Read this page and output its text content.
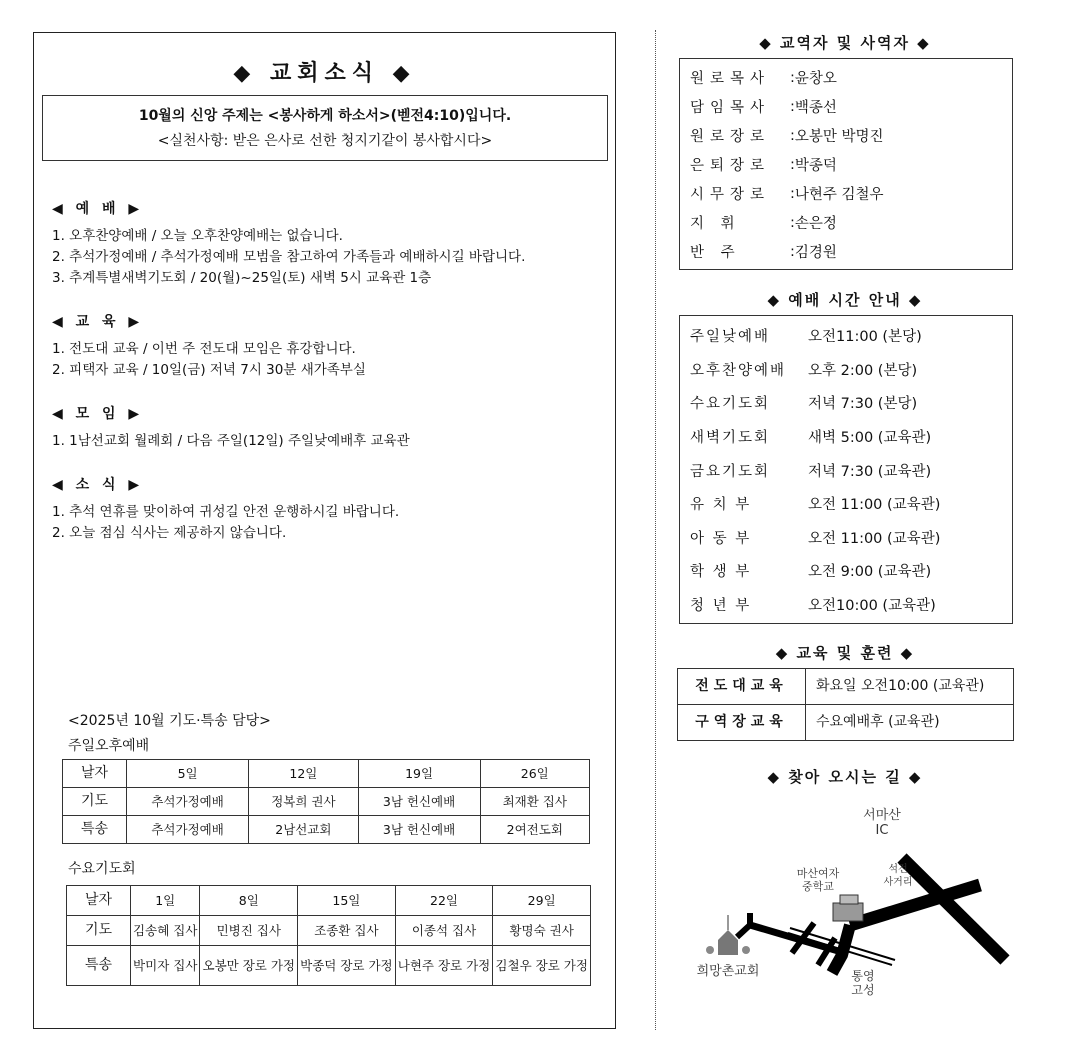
◆ 교회소식 ◆
10월의 신앙 주제는 <봉사하게 하소서>(벧전4:10)입니다.
<실천사항: 받은 은사로 선한 청지기같이 봉사합시다>
◀ 예 배 ▶
1. 오후찬양예배 / 오늘 오후찬양예배는 없습니다.
2. 추석가정예배 / 추석가정예배 모범을 참고하여 가족들과 예배하시길 바랍니다.
3. 추계특별새벽기도회 / 20(월)~25일(토) 새벽 5시 교육관 1층
◀ 교 육 ▶
1. 전도대 교육 / 이번 주 전도대 모임은 휴강합니다.
2. 피택자 교육 / 10일(금) 저녁 7시 30분 새가족부실
◀ 모 임 ▶
1. 1남선교회 월례회 / 다음 주일(12일) 주일낮예배후 교육관
◀ 소 식 ▶
1. 추석 연휴를 맞이하여 귀성길 안전 운행하시길 바랍니다.
2. 오늘 점심 식사는 제공하지 않습니다.
<2025년 10월 기도·특송 담당>
주일오후예배
날자	5일	12일	19일	26일
기도	추석가정예배	정복희 권사	3남 헌신예배	최재환 집사
특송	추석가정예배	2남선교회	3남 헌신예배	2여전도회
수요기도회
날자	1일	8일	15일	22일	29일
기도	김송혜 집사	민병진 집사	조종환 집사	이종석 집사	황명숙 권사
특송	박미자 집사	오봉만 장로 가정	박종덕 장로 가정	나현주 장로 가정	김철우 장로 가정
◆ 교역자 및 사역자 ◆
원로목사	: 윤창오
담임목사	: 백종선
원로장로	: 오봉만 박명진
은퇴장로	: 박종덕
시무장로	: 나현주 김철우
지 휘	: 손은정
반 주	: 김경원
◆ 예배 시간 안내 ◆
주일낮예배	오전11:00 (본당)
오후찬양예배	오후 2:00 (본당)
수요기도회	저녁 7:30 (본당)
새벽기도회	새벽 5:00 (교육관)
금요기도회	저녁 7:30 (교육관)
유 치 부	오전 11:00 (교육관)
아 동 부	오전 11:00 (교육관)
학 생 부	오전 9:00 (교육관)
청 년 부	오전10:00 (교육관)
◆ 교육 및 훈련 ◆
전도대교육	화요일 오전10:00 (교육관)
구역장교육	수요예배후 (교육관)
◆ 찾아 오시는 길 ◆
서마산
IC
마산여자
중학교
석전
사거리
희망촌교회	통영
고성
